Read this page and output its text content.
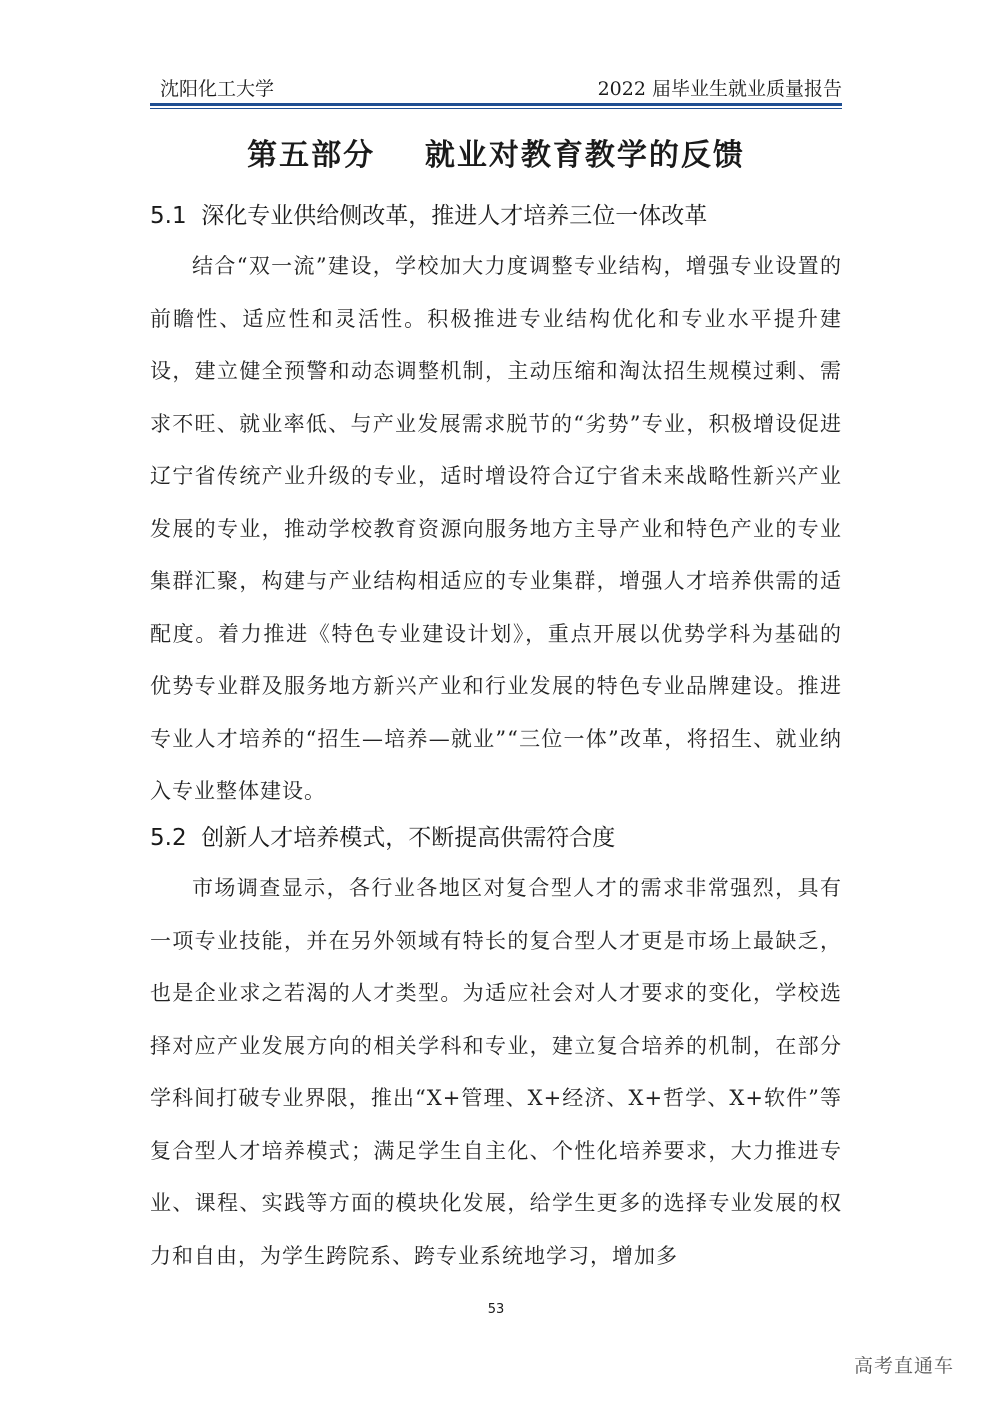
沈阳化工大学	2022 届毕业生就业质量报告
第五部分    就业对教育教学的反馈
5.1  深化专业供给侧改革，推进人才培养三位一体改革

结合“双一流”建设，学校加大力度调整专业结构，增强专业设置的前瞻性、适应性和灵活性。积极推进专业结构优化和专业水平提升建设，建立健全预警和动态调整机制，主动压缩和淘汰招生规模过剩、需求不旺、就业率低、与产业发展需求脱节的“劣势”专业，积极增设促进辽宁省传统产业升级的专业，适时增设符合辽宁省未来战略性新兴产业发展的专业，推动学校教育资源向服务地方主导产业和特色产业的专业集群汇聚，构建与产业结构相适应的专业集群，增强人才培养供需的适配度。着力推进《特色专业建设计划》，重点开展以优势学科为基础的优势专业群及服务地方新兴产业和行业发展的特色专业品牌建设。推进专业人才培养的“招生—培养—就业”“三位一体”改革，将招生、就业纳入专业整体建设。

5.2  创新人才培养模式，不断提高供需符合度

市场调查显示，各行业各地区对复合型人才的需求非常强烈，具有一项专业技能，并在另外领域有特长的复合型人才更是市场上最缺乏，也是企业求之若渴的人才类型。为适应社会对人才要求的变化，学校选择对应产业发展方向的相关学科和专业，建立复合培养的机制，在部分学科间打破专业界限，推出“X+管理、X+经济、X+哲学、X+软件”等复合型人才培养模式；满足学生自主化、个性化培养要求，大力推进专业、课程、实践等方面的模块化发展，给学生更多的选择专业发展的权力和自由，为学生跨院系、跨专业系统地学习，增加多

53
高考直通车
